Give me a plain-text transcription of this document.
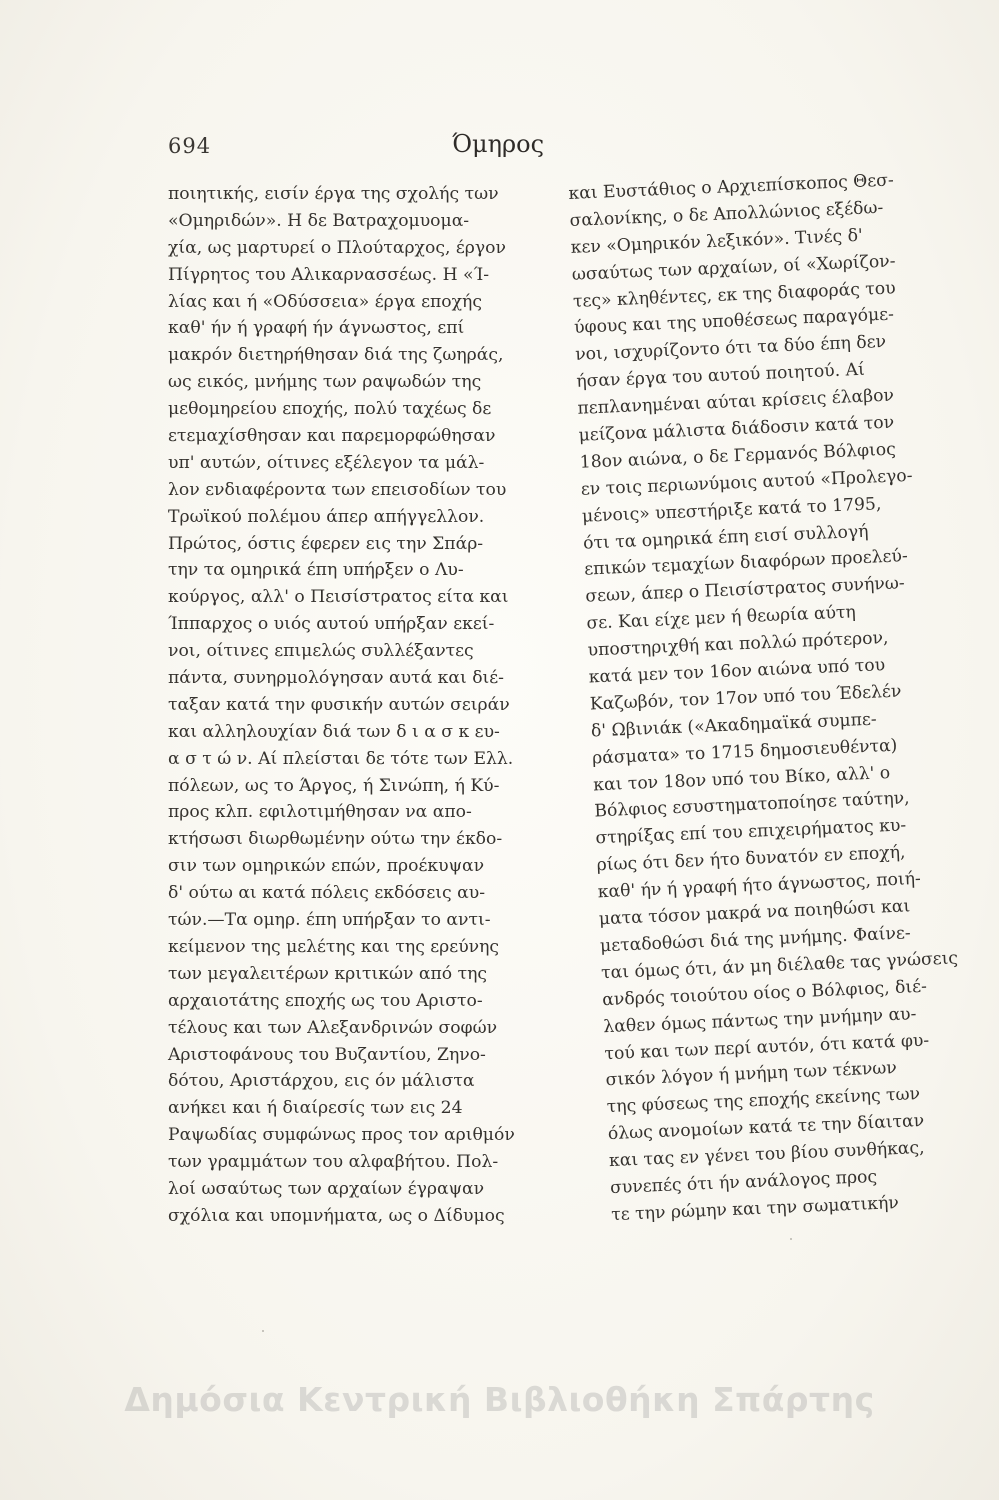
694	Όμηρος
ποιητικής, εισίν έργα της σχολής των
«Ομηριδών». Η δε Βατραχομυομα-
χία, ως μαρτυρεί ο Πλούταρχος, έργον
Πίγρητος του Αλικαρνασσέως. Η «Ί-
λίας και ή «Οδύσσεια» έργα εποχής
καθ' ήν ή γραφή ήν άγνωστος, επί
μακρόν διετηρήθησαν διά της ζωηράς,
ως εικός, μνήμης των ραψωδών της
μεθομηρείου εποχής, πολύ ταχέως δε
ετεμαχίσθησαν και παρεμορφώθησαν
υπ' αυτών, οίτινες εξέλεγον τα μάλ-
λον ενδιαφέροντα των επεισοδίων του
Τρωϊκού πολέμου άπερ απήγγελλον.
Πρώτος, όστις έφερεν εις την Σπάρ-
την τα ομηρικά έπη υπήρξεν ο Λυ-
κούργος, αλλ' ο Πεισίστρατος είτα και
Ίππαρχος ο υιός αυτού υπήρξαν εκεί-
νοι, οίτινες επιμελώς συλλέξαντες
πάντα, συνηρμολόγησαν αυτά και διέ-
ταξαν κατά την φυσικήν αυτών σειράν
και αλληλουχίαν διά των δ ι α σ κ ευ-
α σ τ ώ ν. Αί πλείσται δε τότε των Ελλ.
πόλεων, ως το Άργος, ή Σινώπη, ή Κύ-
προς κλπ. εφιλοτιμήθησαν να απο-
κτήσωσι διωρθωμένην ούτω την έκδο-
σιν των ομηρικών επών, προέκυψαν
δ' ούτω αι κατά πόλεις εκδόσεις αυ-
τών.—Τα ομηρ. έπη υπήρξαν το αντι-
κείμενον της μελέτης και της ερεύνης
των μεγαλειτέρων κριτικών από της
αρχαιοτάτης εποχής ως του Αριστο-
τέλους και των Αλεξανδρινών σοφών
Αριστοφάνους του Βυζαντίου, Ζηνο-
δότου, Αριστάρχου, εις όν μάλιστα
ανήκει και ή διαίρεσίς των εις 24
Ραψωδίας συμφώνως προς τον αριθμόν
των γραμμάτων του αλφαβήτου. Πολ-
λοί ωσαύτως των αρχαίων έγραψαν
σχόλια και υπομνήματα, ως ο Δίδυμος
και Ευστάθιος ο Αρχιεπίσκοπος Θεσ-
σαλονίκης, ο δε Απολλώνιος εξέδω-
κεν «Ομηρικόν λεξικόν». Τινές δ'
ωσαύτως των αρχαίων, οί «Χωρίζον-
τες» κληθέντες, εκ της διαφοράς του
ύφους και της υποθέσεως παραγόμε-
νοι, ισχυρίζοντο ότι τα δύο έπη δεν
ήσαν έργα του αυτού ποιητού. Αί
πεπλανημέναι αύται κρίσεις έλαβον
μείζονα μάλιστα διάδοσιν κατά τον
18ον αιώνα, ο δε Γερμανός Βόλφιος
εν τοις περιωνύμοις αυτού «Προλεγο-
μένοις» υπεστήριξε κατά το 1795,
ότι τα ομηρικά έπη εισί συλλογή
επικών τεμαχίων διαφόρων προελεύ-
σεων, άπερ ο Πεισίστρατος συνήνω-
σε. Και είχε μεν ή θεωρία αύτη
υποστηριχθή και πολλώ πρότερον,
κατά μεν τον 16ον αιώνα υπό του
Καζωβόν, τον 17ον υπό του Έδελέν
δ' Ωβινιάκ («Ακαδημαϊκά συμπε-
ράσματα» το 1715 δημοσιευθέντα)
και τον 18ον υπό του Βίκο, αλλ' ο
Βόλφιος εσυστηματοποίησε ταύτην,
στηρίξας επί του επιχειρήματος κυ-
ρίως ότι δεν ήτο δυνατόν εν εποχή,
καθ' ήν ή γραφή ήτο άγνωστος, ποιή-
ματα τόσον μακρά να ποιηθώσι και
μεταδοθώσι διά της μνήμης. Φαίνε-
ται όμως ότι, άν μη διέλαθε τας γνώσεις
ανδρός τοιούτου οίος ο Βόλφιος, διέ-
λαθεν όμως πάντως την μνήμην αυ-
τού και των περί αυτόν, ότι κατά φυ-
σικόν λόγον ή μνήμη των τέκνων
της φύσεως της εποχής εκείνης των
όλως ανομοίων κατά τε την δίαιταν
και τας εν γένει του βίου συνθήκας,
συνεπές ότι ήν ανάλογος προς
τε την ρώμην και την σωματικήν
Δημόσια Κεντρική Βιβλιοθήκη Σπάρτης
